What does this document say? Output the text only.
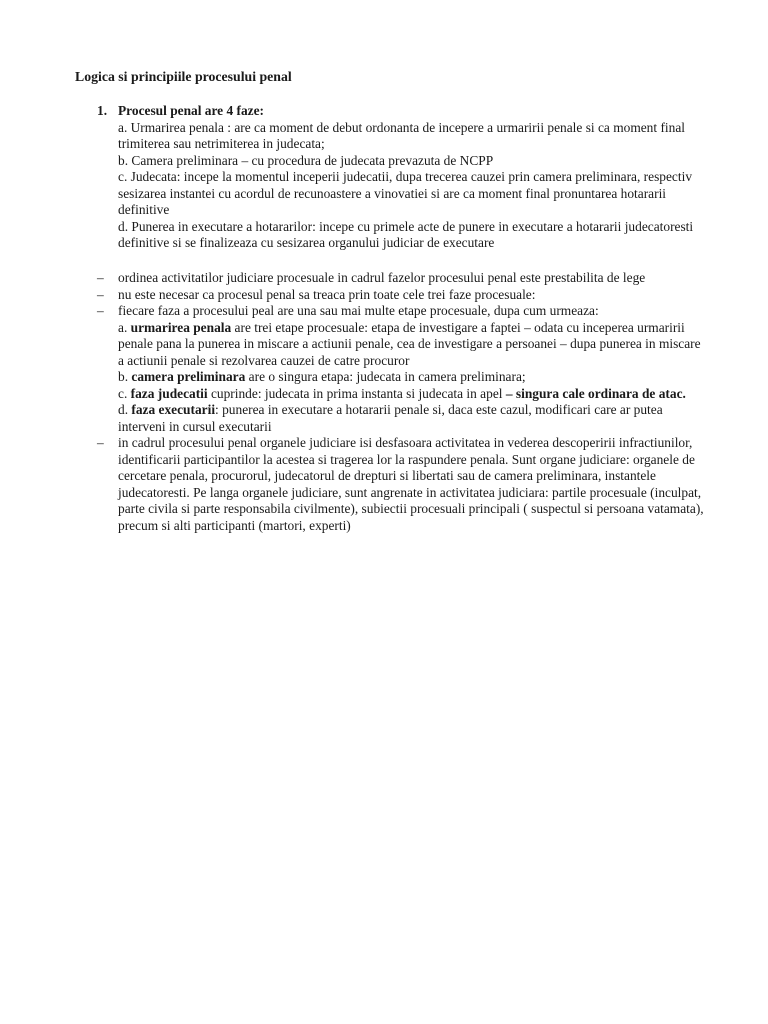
Logica si principiile procesului penal
1. Procesul penal are 4 faze:
a. Urmarirea penala : are ca moment de debut ordonanta de incepere a urmaririi penale si ca moment final trimiterea sau netrimiterea in judecata;
b. Camera preliminara – cu procedura de judecata prevazuta de NCPP
c. Judecata: incepe la momentul inceperii judecatii, dupa trecerea cauzei prin camera preliminara, respectiv sesizarea instantei cu acordul de recunoastere a vinovatiei si are ca moment final pronuntarea hotararii definitive
d. Punerea in executare a hotararilor: incepe cu primele acte de punere in executare a hotararii judecatoresti definitive si se finalizeaza cu sesizarea organului judiciar de executare
– ordinea activitatilor judiciare procesuale in cadrul fazelor procesului penal este prestabilita de lege
– nu este necesar ca procesul penal sa treaca prin toate cele trei faze procesuale:
– fiecare faza a procesului peal are una sau mai multe etape procesuale, dupa cum urmeaza:
a. urmarirea penala are trei etape procesuale: etapa de investigare a faptei – odata cu inceperea urmaririi penale pana la punerea in miscare a actiunii penale, cea de investigare a persoanei – dupa punerea in miscare a actiunii penale si rezolvarea cauzei de catre procuror
b. camera preliminara are o singura etapa: judecata in camera preliminara;
c. faza judecatii cuprinde: judecata in prima instanta si judecata in apel – singura cale ordinara de atac.
d. faza executarii: punerea in executare a hotararii penale si, daca este cazul, modificari care ar putea interveni in cursul executarii
– in cadrul procesului penal organele judiciare isi desfasoara activitatea in vederea descoperirii infractiunilor, identificarii participantilor la acestea si tragerea lor la raspundere penala. Sunt organe judiciare: organele de cercetare penala, procurorul, judecatorul de drepturi si libertati sau de camera preliminara, instantele judecatoresti. Pe langa organele judiciare, sunt angrenate in activitatea judiciara: partile procesuale (inculpat, parte civila si parte responsabila civilmente), subiectii procesuali principali ( suspectul si persoana vatamata), precum si alti participanti (martori, experti)
